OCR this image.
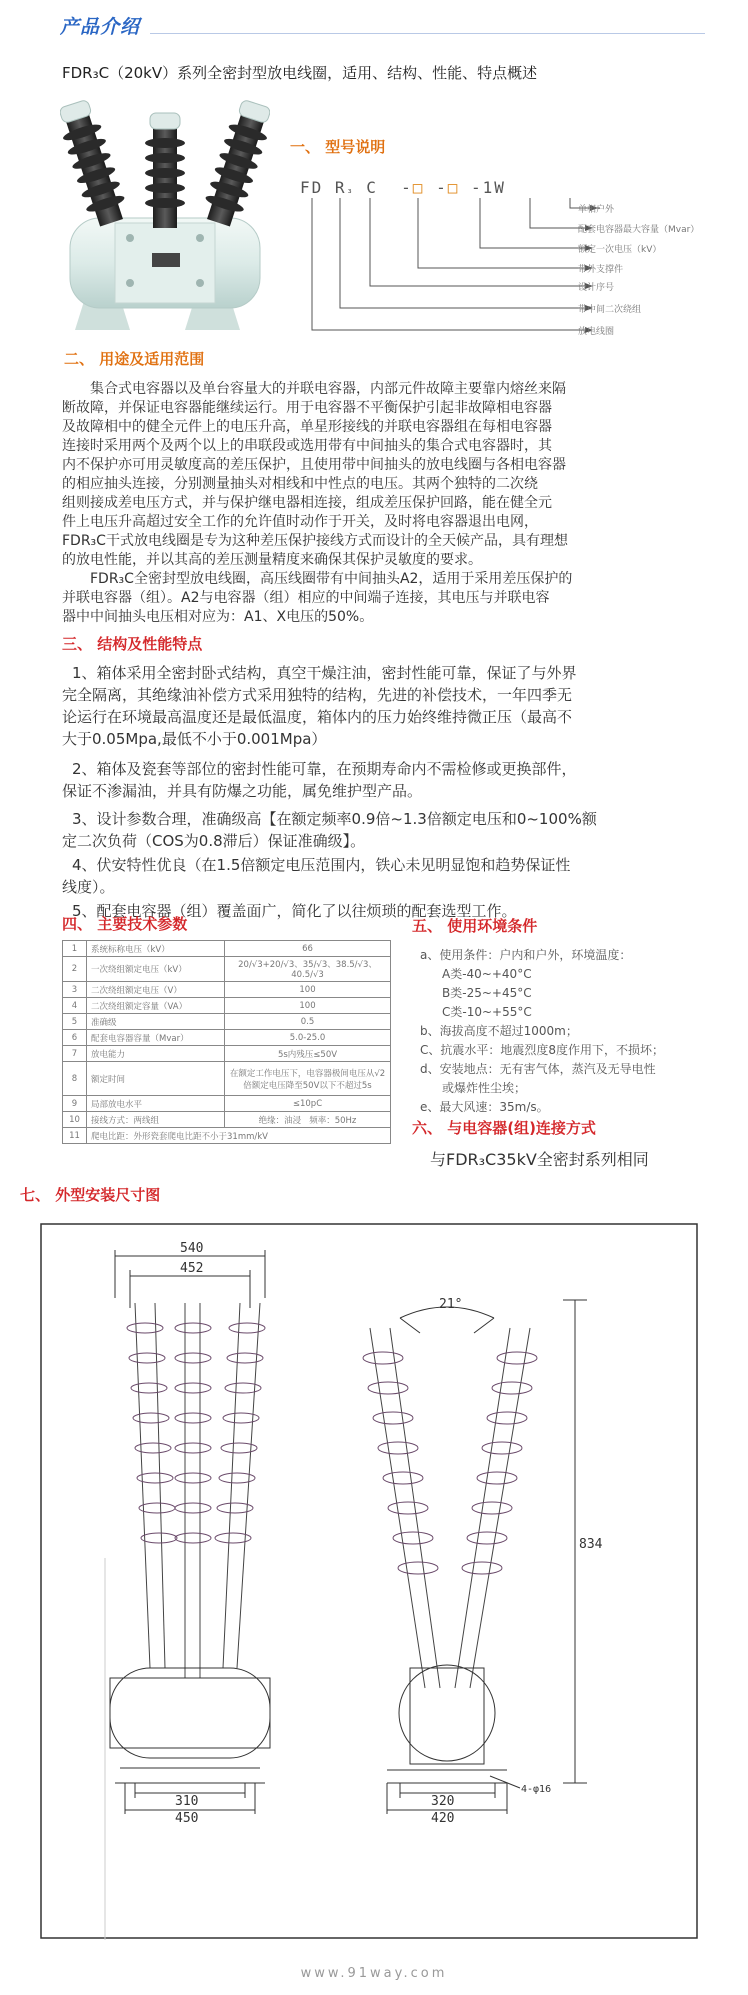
产品介绍
FDR₃C（20kV）系列全密封型放电线圈，适用、结构、性能、特点概述
一、 型号说明
FD R₃ C -□ -□ -1W
单相户外
配套电容器最大容量（Mvar）
额定一次电压（kV）
带外支撑件
设计序号
带中间二次绕组
放电线圈
二、 用途及适用范围
集合式电容器以及单台容量大的并联电容器，内部元件故障主要靠内熔丝来隔
断故障，并保证电容器能继续运行。用于电容器不平衡保护引起非故障相电容器
及故障相中的健全元件上的电压升高，单星形接线的并联电容器组在每相电容器
连接时采用两个及两个以上的串联段或选用带有中间抽头的集合式电容器时，其
内不保护亦可用灵敏度高的差压保护，且使用带中间抽头的放电线圈与各相电容器
的相应抽头连接，分别测量抽头对相线和中性点的电压。其两个独特的二次绕
组则接成差电压方式，并与保护继电器相连接，组成差压保护回路，能在健全元
件上电压升高超过安全工作的允许值时动作于开关，及时将电容器退出电网，
FDR₃C干式放电线圈是专为这种差压保护接线方式而设计的全天候产品，具有理想
的放电性能，并以其高的差压测量精度来确保其保护灵敏度的要求。
FDR₃C全密封型放电线圈，高压线圈带有中间抽头A2，适用于采用差压保护的
并联电容器（组）。A2与电容器（组）相应的中间端子连接，其电压与并联电容
器中中间抽头电压相对应为：A1、X电压的50%。
三、 结构及性能特点
1、箱体采用全密封卧式结构，真空干燥注油，密封性能可靠，保证了与外界
完全隔离，其绝缘油补偿方式采用独特的结构，先进的补偿技术，一年四季无
论运行在环境最高温度还是最低温度，箱体内的压力始终维持微正压（最高不
大于0.05Mpa,最低不小于0.001Mpa）
2、箱体及瓷套等部位的密封性能可靠，在预期寿命内不需检修或更换部件，
保证不渗漏油，并具有防爆之功能，属免维护型产品。
3、设计参数合理，准确级高【在额定频率0.9倍~1.3倍额定电压和0~100%额
定二次负荷（COS为0.8滞后）保证准确级】。
4、伏安特性优良（在1.5倍额定电压范围内，铁心未见明显饱和趋势保证性
线度）。
5、配套电容器（组）覆盖面广，简化了以往烦琐的配套选型工作。
四、 主要技术参数
1	系统标称电压（kV）	66
2	一次绕组额定电压（kV）	20/√3+20/√3、35/√3、38.5/√3、40.5/√3
3	二次绕组额定电压（V）	100
4	二次绕组额定容量（VA）	100
5	准确级	0.5
6	配套电容器容量（Mvar）	5.0-25.0
7	放电能力	5s内残压≤50V
8	额定时间	在额定工作电压下，电容器极间电压从√2倍额定电压降至50V以下不超过5s
9	局部放电水平	≤10pC
10	接线方式：两线组	绝缘：油浸 频率：50Hz
11	爬电比距：外形瓷套爬电比距不小于31mm/kV	
五、 使用环境条件
a、使用条件：户内和户外，环境温度：
A类-40~+40°C
B类-25~+45°C
C类-10~+55°C
b、海拔高度不超过1000m；
C、抗震水平：地震烈度8度作用下，不损坏；
d、安装地点：无有害气体，蒸汽及无导电性
或爆炸性尘埃；
e、最大风速：35m/s。
六、 与电容器(组)连接方式
与FDR₃C35kV全密封系列相同
七、 外型安装尺寸图
540
452
310
450
21°
834
320
420
4-φ16
www.91way.com
